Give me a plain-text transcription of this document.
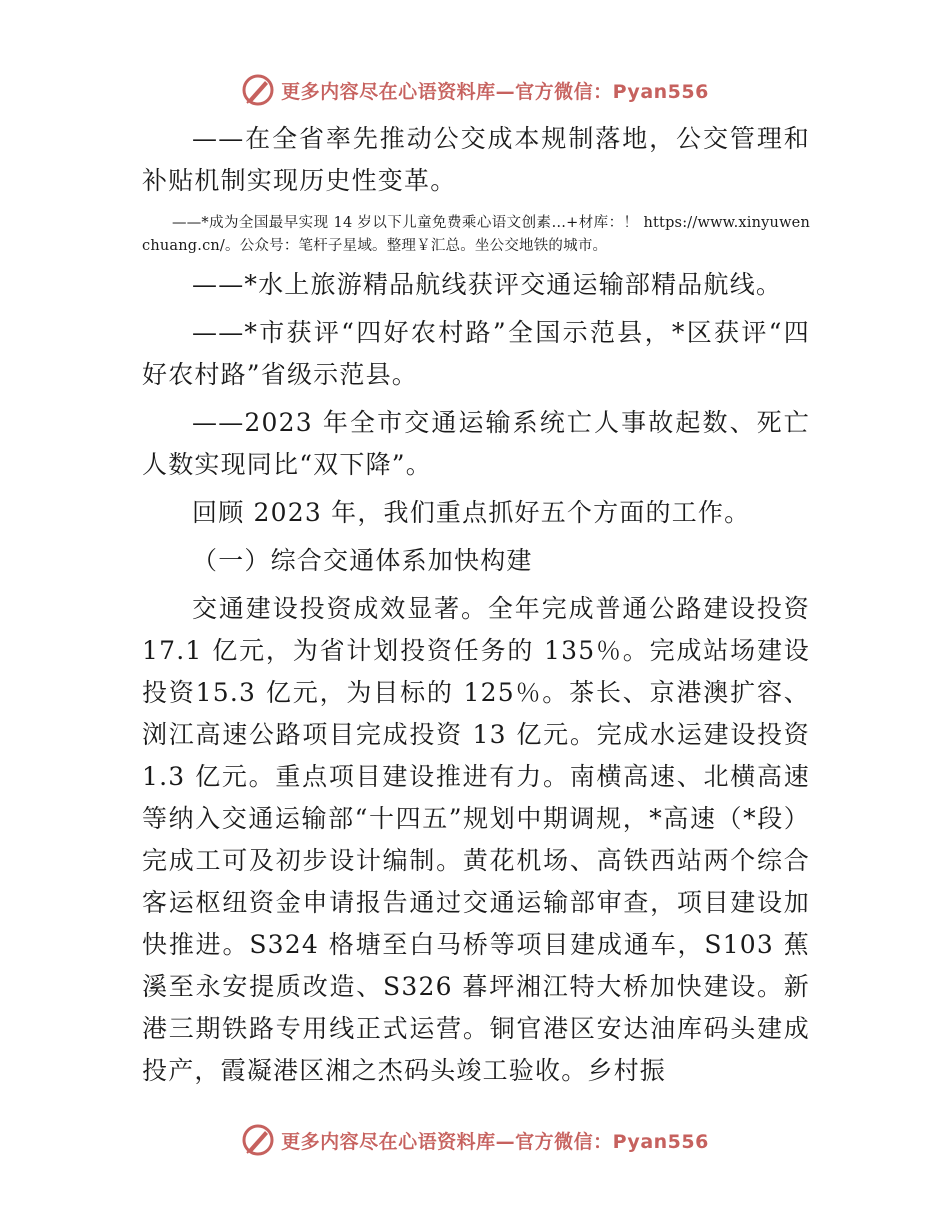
更多内容尽在心语资料库—官方微信：Pyan556

——在全省率先推动公交成本规制落地，公交管理和补贴机制实现历史性变革。

——*成为全国最早实现 14 岁以下儿童免费乘心语文创素…+材库：！ https://www.xinyuwenchuang.cn/。公众号：笔杆子星域。整理￥汇总。坐公交地铁的城市。

——*水上旅游精品航线获评交通运输部精品航线。

——*市获评“四好农村路”全国示范县，*区获评“四好农村路”省级示范县。

——2023 年全市交通运输系统亡人事故起数、死亡人数实现同比“双下降”。

回顾 2023 年，我们重点抓好五个方面的工作。

（一）综合交通体系加快构建

交通建设投资成效显著。全年完成普通公路建设投资17.1 亿元，为省计划投资任务的 135％。完成站场建设投资15.3 亿元，为目标的 125％。茶长、京港澳扩容、浏江高速公路项目完成投资 13 亿元。完成水运建设投资 1.3 亿元。重点项目建设推进有力。南横高速、北横高速等纳入交通运输部“十四五”规划中期调规，*高速（*段）完成工可及初步设计编制。黄花机场、高铁西站两个综合客运枢纽资金申请报告通过交通运输部审查，项目建设加快推进。S324 格塘至白马桥等项目建成通车，S103 蕉溪至永安提质改造、S326 暮坪湘江特大桥加快建设。新港三期铁路专用线正式运营。铜官港区安达油库码头建成投产，霞凝港区湘之杰码头竣工验收。乡村振

更多内容尽在心语资料库—官方微信：Pyan556
